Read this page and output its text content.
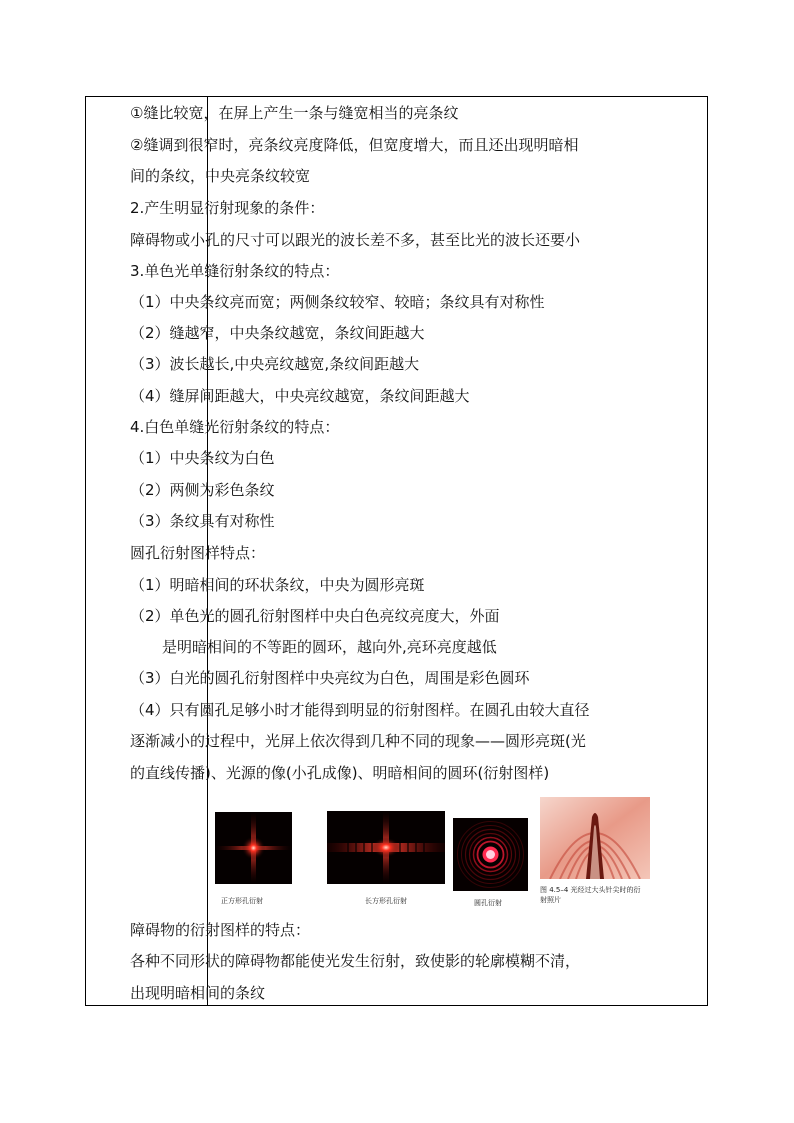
①缝比较宽，在屏上产生一条与缝宽相当的亮条纹
②缝调到很窄时，亮条纹亮度降低，但宽度增大，而且还出现明暗相
间的条纹，中央亮条纹较宽
2.产生明显衍射现象的条件：
障碍物或小孔的尺寸可以跟光的波长差不多，甚至比光的波长还要小
3.单色光单缝衍射条纹的特点：
（1）中央条纹亮而宽；两侧条纹较窄、较暗；条纹具有对称性
（2）缝越窄，中央条纹越宽，条纹间距越大
（3）波长越长,中央亮纹越宽,条纹间距越大
（4）缝屏间距越大，中央亮纹越宽，条纹间距越大
4.白色单缝光衍射条纹的特点：
（1）中央条纹为白色
（2）两侧为彩色条纹
（3）条纹具有对称性
圆孔衍射图样特点：
（1）明暗相间的环状条纹，中央为圆形亮斑
（2）单色光的圆孔衍射图样中央白色亮纹亮度大，外面
是明暗相间的不等距的圆环，越向外,亮环亮度越低
（3）白光的圆孔衍射图样中央亮纹为白色，周围是彩色圆环
（4）只有圆孔足够小时才能得到明显的衍射图样。在圆孔由较大直径
逐渐减小的过程中，光屏上依次得到几种不同的现象——圆形亮斑(光
的直线传播)、光源的像(小孔成像)、明暗相间的圆环(衍射图样)
正方形孔衍射	长方形孔衍射	圆孔衍射
图 4.5–4 光经过大头针尖时的衍
射照片
障碍物的衍射图样的特点：
各种不同形状的障碍物都能使光发生衍射，致使影的轮廓模糊不清，
出现明暗相间的条纹
